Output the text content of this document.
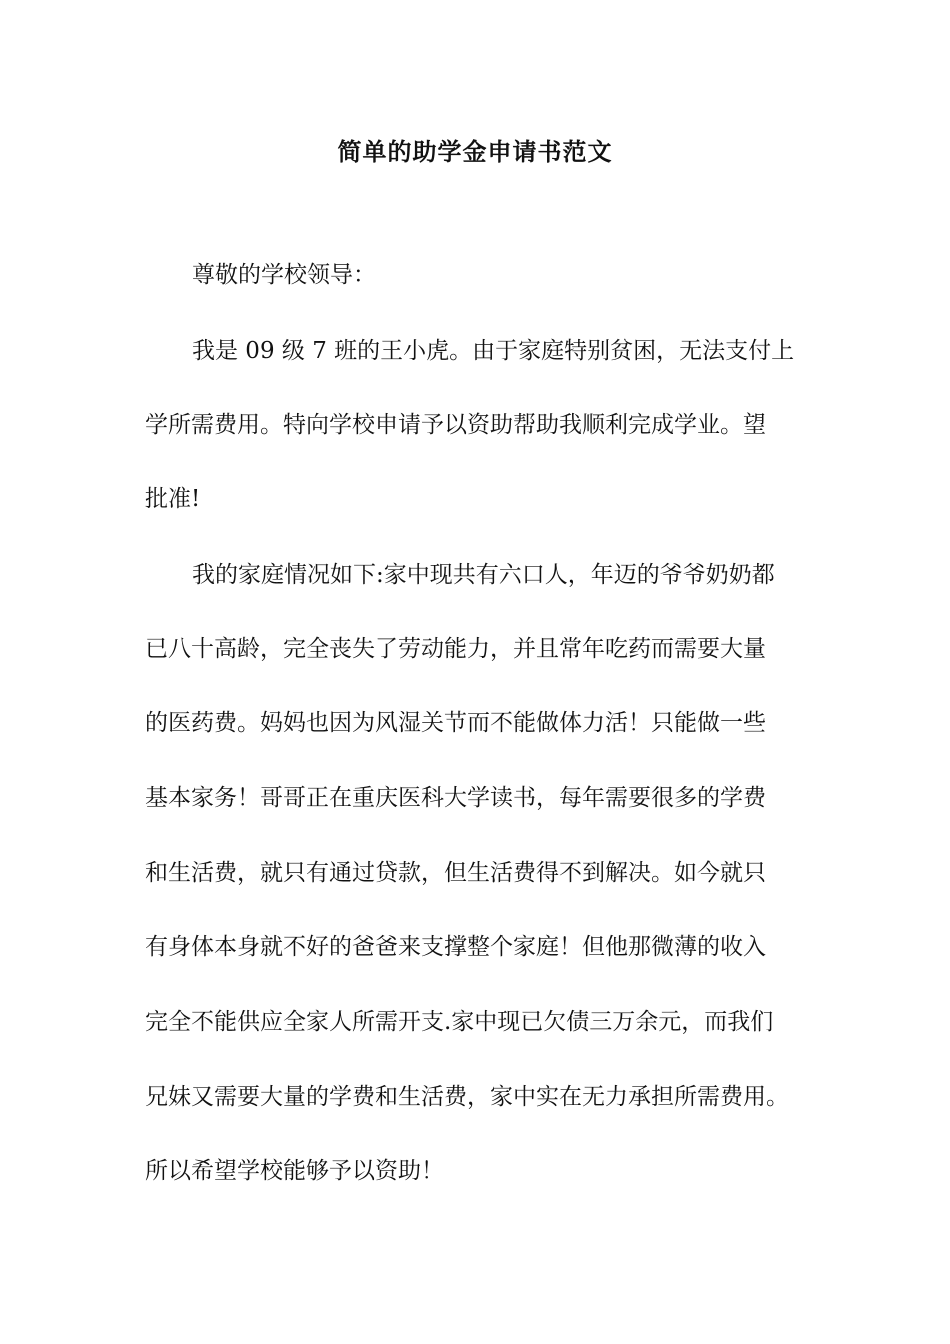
简单的助学金申请书范文
尊敬的学校领导：
我是 09 级 7 班的王小虎。由于家庭特别贫困，无法支付上
学所需费用。特向学校申请予以资助帮助我顺利完成学业。望
批准!
我的家庭情况如下:家中现共有六口人，年迈的爷爷奶奶都
已八十高龄，完全丧失了劳动能力，并且常年吃药而需要大量
的医药费。妈妈也因为风湿关节而不能做体力活！只能做一些
基本家务！哥哥正在重庆医科大学读书，每年需要很多的学费
和生活费，就只有通过贷款，但生活费得不到解决。如今就只
有身体本身就不好的爸爸来支撑整个家庭！但他那微薄的收入
完全不能供应全家人所需开支.家中现已欠债三万余元，而我们
兄妹又需要大量的学费和生活费，家中实在无力承担所需费用。
所以希望学校能够予以资助！
